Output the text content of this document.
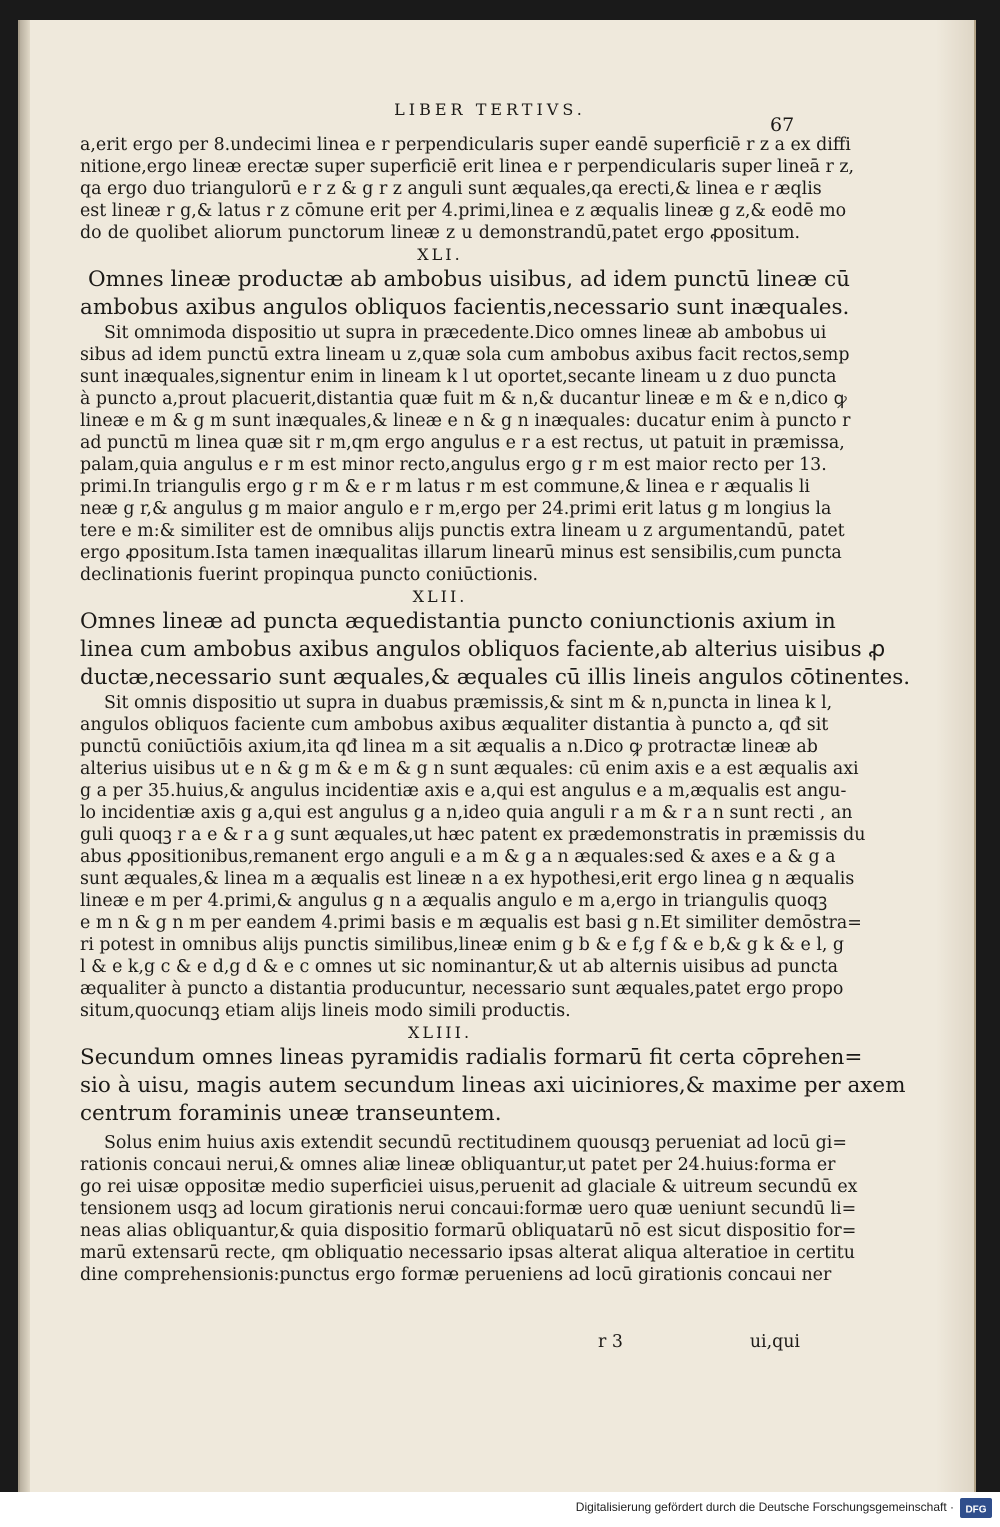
LIBER TERTIVS.
67
a,erit ergo per 8.undecimi linea e r perpendicularis super eandē superficiē r z a ex diffi
nitione,ergo lineæ erectæ super superficiē erit linea e r perpendicularis super lineā r z,
qa ergo duo triangulorū e r z & g r z anguli sunt æquales,qa erecti,& linea e r æqlis
est lineæ r g,& latus r z cōmune erit per 4.primi,linea e z æqualis lineæ g z,& eodē mo
do de quolibet aliorum punctorum lineæ z u demonstrandū,patet ergo ꝓpositum.
XLI.
Omnes lineæ productæ ab ambobus uisibus, ad idem punctū lineæ cū
ambobus axibus angulos obliquos facientis,necessario sunt inæquales.
Sit omnimoda dispositio ut supra in præcedente.Dico omnes lineæ ab ambobus ui
sibus ad idem punctū extra lineam u z,quæ sola cum ambobus axibus facit rectos,semp
sunt inæquales,signentur enim in lineam k l ut oportet,secante lineam u z duo puncta
à puncto a,prout placuerit,distantia quæ fuit m & n,& ducantur lineæ e m & e n,dico ꝙ
lineæ e m & g m sunt inæquales,& lineæ e n & g n inæquales: ducatur enim à puncto r
ad punctū m linea quæ sit r m,qm ergo angulus e r a est rectus, ut patuit in præmissa,
palam,quia angulus e r m est minor recto,angulus ergo g r m est maior recto per 13.
primi.In triangulis ergo g r m & e r m latus r m est commune,& linea e r æqualis li
neæ g r,& angulus g m maior angulo e r m,ergo per 24.primi erit latus g m longius la
tere e m:& similiter est de omnibus alijs punctis extra lineam u z argumentandū, patet
ergo ꝓpositum.Ista tamen inæqualitas illarum linearū minus est sensibilis,cum puncta
declinationis fuerint propinqua puncto coniūctionis.
XLII.
Omnes lineæ ad puncta æquedistantia puncto coniunctionis axium in
linea cum ambobus axibus angulos obliquos faciente,ab alterius uisibus ꝓ
ductæ,necessario sunt æquales,& æquales cū illis lineis angulos cōtinentes.
Sit omnis dispositio ut supra in duabus præmissis,& sint m & n,puncta in linea k l,
angulos obliquos faciente cum ambobus axibus æqualiter distantia à puncto a, qđ sit
punctū coniūctiōis axium,ita qđ linea m a sit æqualis a n.Dico ꝙ protractæ lineæ ab
alterius uisibus ut e n & g m & e m & g n sunt æquales: cū enim axis e a est æqualis axi
g a per 35.huius,& angulus incidentiæ axis e a,qui est angulus e a m,æqualis est angu-
lo incidentiæ axis g a,qui est angulus g a n,ideo quia anguli r a m & r a n sunt recti , an
guli quoqꝫ r a e & r a g sunt æquales,ut hæc patent ex prædemonstratis in præmissis du
abus ꝓpositionibus,remanent ergo anguli e a m & g a n æquales:sed & axes e a & g a
sunt æquales,& linea m a æqualis est lineæ n a ex hypothesi,erit ergo linea g n æqualis
lineæ e m per 4.primi,& angulus g n a æqualis angulo e m a,ergo in triangulis quoqꝫ
e m n & g n m per eandem 4.primi basis e m æqualis est basi g n.Et similiter demōstra=
ri potest in omnibus alijs punctis similibus,lineæ enim g b & e f,g f & e b,& g k & e l, g
l & e k,g c & e d,g d & e c omnes ut sic nominantur,& ut ab alternis uisibus ad puncta
æqualiter à puncto a distantia producuntur, necessario sunt æquales,patet ergo propo
situm,quocunqꝫ etiam alijs lineis modo simili productis.
XLIII.
Secundum omnes lineas pyramidis radialis formarū fit certa cōprehen=
sio à uisu, magis autem secundum lineas axi uiciniores,& maxime per axem
centrum foraminis uneæ transeuntem.
Solus enim huius axis extendit secundū rectitudinem quousqꝫ perueniat ad locū gi=
rationis concaui nerui,& omnes aliæ lineæ obliquantur,ut patet per 24.huius:forma er
go rei uisæ oppositæ medio superficiei uisus,peruenit ad glaciale & uitreum secundū ex
tensionem usqꝫ ad locum girationis nerui concaui:formæ uero quæ ueniunt secundū li=
neas alias obliquantur,& quia dispositio formarū obliquatarū nō est sicut dispositio for=
marū extensarū recte, qm obliquatio necessario ipsas alterat aliqua alteratioe in certitu
dine comprehensionis:punctus ergo formæ perueniens ad locū girationis concaui ner
r 3	ui,qui
Digitalisierung gefördert durch die Deutsche Forschungsgemeinschaft · DFG
